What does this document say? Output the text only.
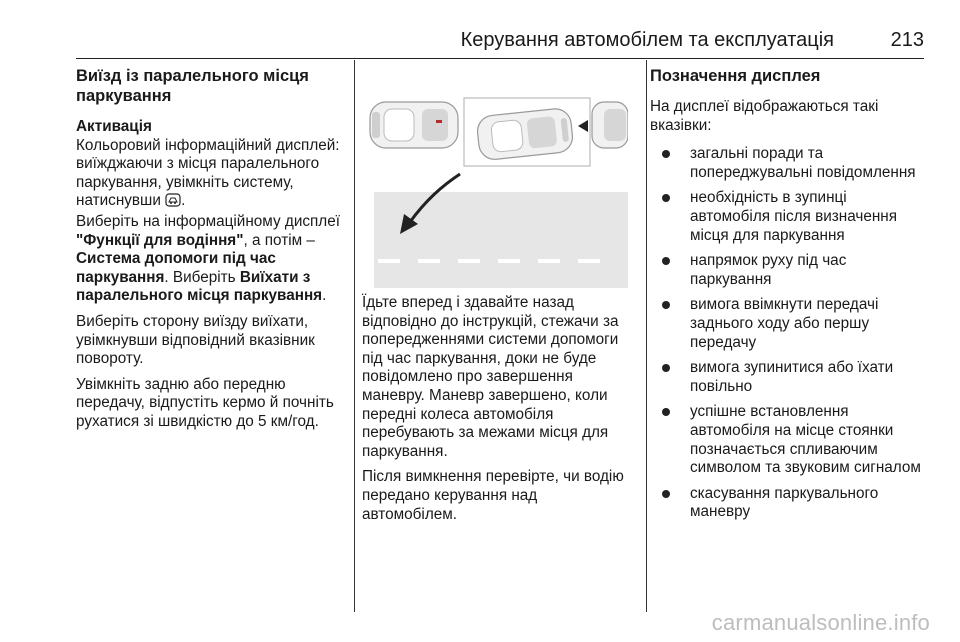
Керування автомобілем та експлуатація	213
Виїзд із паралельного місця паркування
Активація

Кольоровий інформаційний дисплей: виїжджаючи з місця паралельного паркування, увімкніть систему, натиснувши .
Виберіть на інформаційному дисплеї "Функції для водіння", а потім – Система допомоги під час паркування. Виберіть Виїхати з паралельного місця паркування.

Виберіть сторону виїзду виїхати, увімкнувши відповідний вказівник повороту.

Увімкніть задню або передню передачу, відпустіть кермо й почніть рухатися зі швидкістю до 5 км/год.

Їдьте вперед і здавайте назад відповідно до інструкцій, стежачи за попередженнями системи допомоги під час паркування, доки не буде повідомлено про завершення маневру. Маневр завершено, коли передні колеса автомобіля перебувають за межами місця для паркування.

Після вимкнення перевірте, чи водію передано керування над автомобілем.

Позначення дисплея

На дисплеї відображаються такі вказівки:

загальні поради та попереджувальні повідомлення
необхідність в зупинці автомобіля після визначення місця для паркування
напрямок руху під час паркування
вимога ввімкнути передачі заднього ходу або першу передачу
вимога зупинитися або їхати повільно
успішне встановлення автомобіля на місце стоянки позначається спливаючим символом та звуковим сигналом
скасування паркувального маневру
carmanualsonline.info
